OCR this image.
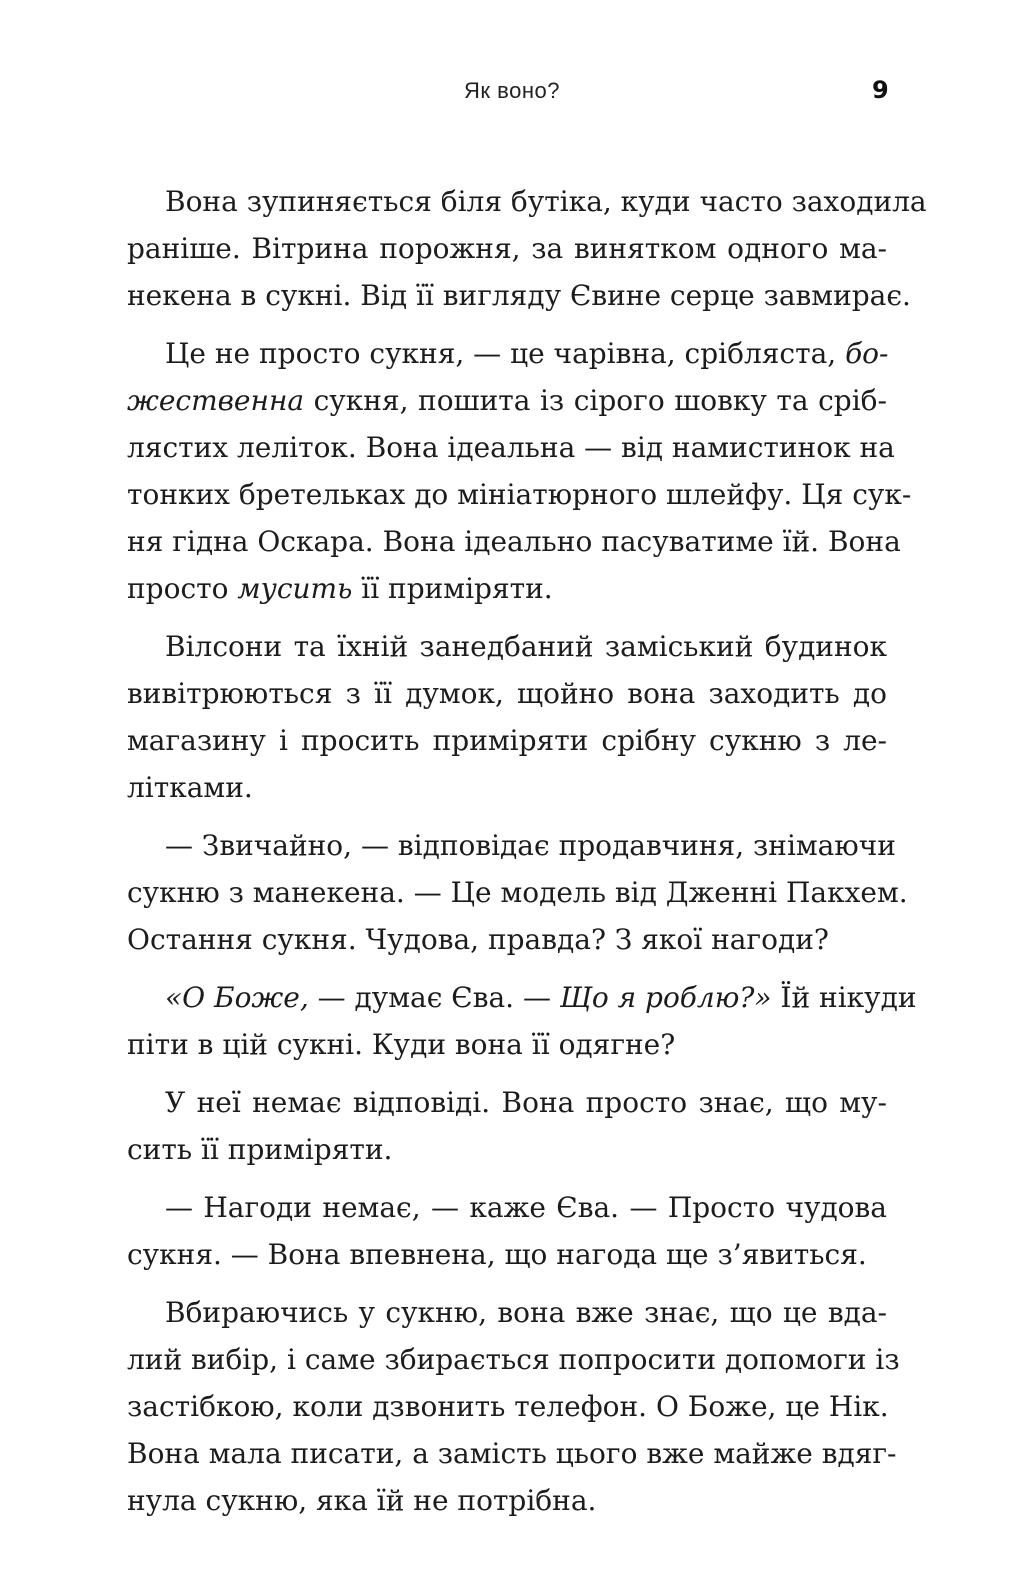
Як воно?	9

Вона зупиняється біля бутіка, куди часто заходила
раніше. Вітрина порожня, за винятком одного ма-
некена в сукні. Від її вигляду Євине серце завмирає.

Це не просто сукня, — це чарівна, срібляста, бо-
жественна сукня, пошита із сірого шовку та сріб-
лястих лелiток. Вона ідеальна — від намистинок на
тонких бретельках до мініатюрного шлейфу. Ця сук-
ня гідна Оскара. Вона ідеально пасуватиме їй. Вона
просто мусить її приміряти.

Вілсони та їхній занедбаний заміський будинок
вивітрюються з її думок, щойно вона заходить до
магазину і просить приміряти срібну сукню з ле-
літками.

— Звичайно, — відповідає продавчиня, знімаючи
сукню з манекена. — Це модель від Дженні Пакхем.
Остання сукня. Чудова, правда? З якої нагоди?

«О Боже, — думає Єва. — Що я роблю?» Їй нікуди
піти в цій сукні. Куди вона її одягне?

У неї немає відповіді. Вона просто знає, що му-
сить її приміряти.

— Нагоди немає, — каже Єва. — Просто чудова
сукня. — Вона впевнена, що нагода ще з’явиться.

Вбираючись у сукню, вона вже знає, що це вда-
лий вибір, і саме збирається попросити допомоги із
застібкою, коли дзвонить телефон. О Боже, це Нік.
Вона мала писати, а замість цього вже майже вдяг-
нула сукню, яка їй не потрібна.
